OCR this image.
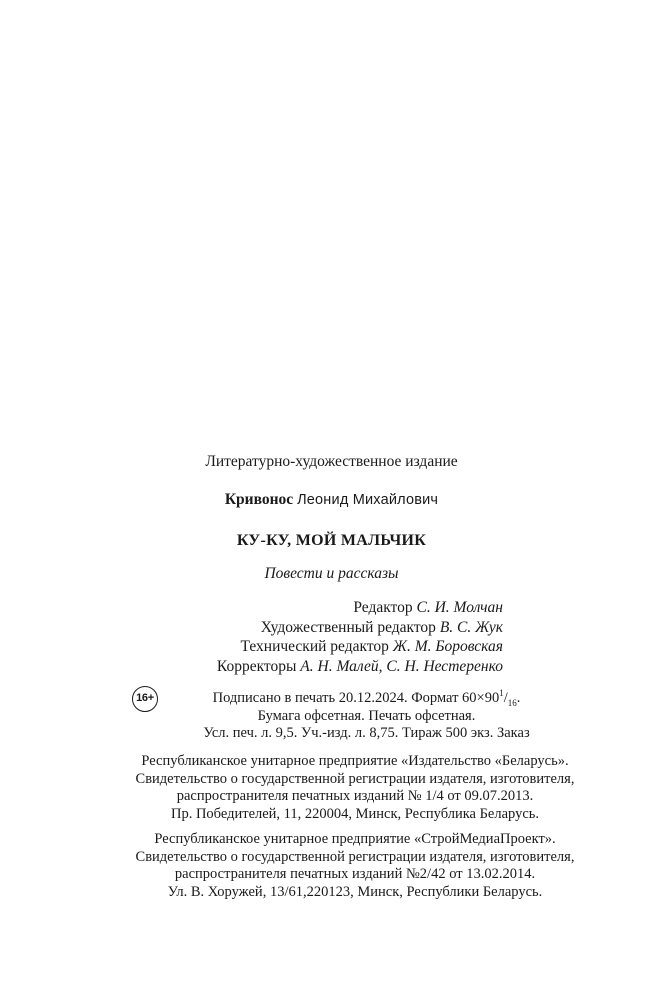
Литературно-художественное издание
Кривонос Леонид Михайлович
КУ-КУ, МОЙ МАЛЬЧИК
Повести и рассказы
Редактор С. И. Молчан
Художественный редактор В. С. Жук
Технический редактор Ж. М. Боровская
Корректоры А. Н. Малей, С. Н. Нестеренко
16+	Подписано в печать 20.12.2024. Формат $60\times 90^1/_{16}$.
Бумага офсетная. Печать офсетная.
Усл. печ. л. 9,5. Уч.-изд. л. 8,75. Тираж 500 экз. Заказ
Республиканское унитарное предприятие «Издательство «Беларусь».
Свидетельство о государственной регистрации издателя, изготовителя,
распространителя печатных изданий № 1/4 от 09.07.2013.
Пр. Победителей, 11, 220004, Минск, Республика Беларусь.
Республиканское унитарное предприятие «СтройМедиаПроект».
Свидетельство о государственной регистрации издателя, изготовителя,
распространителя печатных изданий №2/42 от 13.02.2014.
Ул. В. Хоружей, 13/61,220123, Минск, Республики Беларусь.
